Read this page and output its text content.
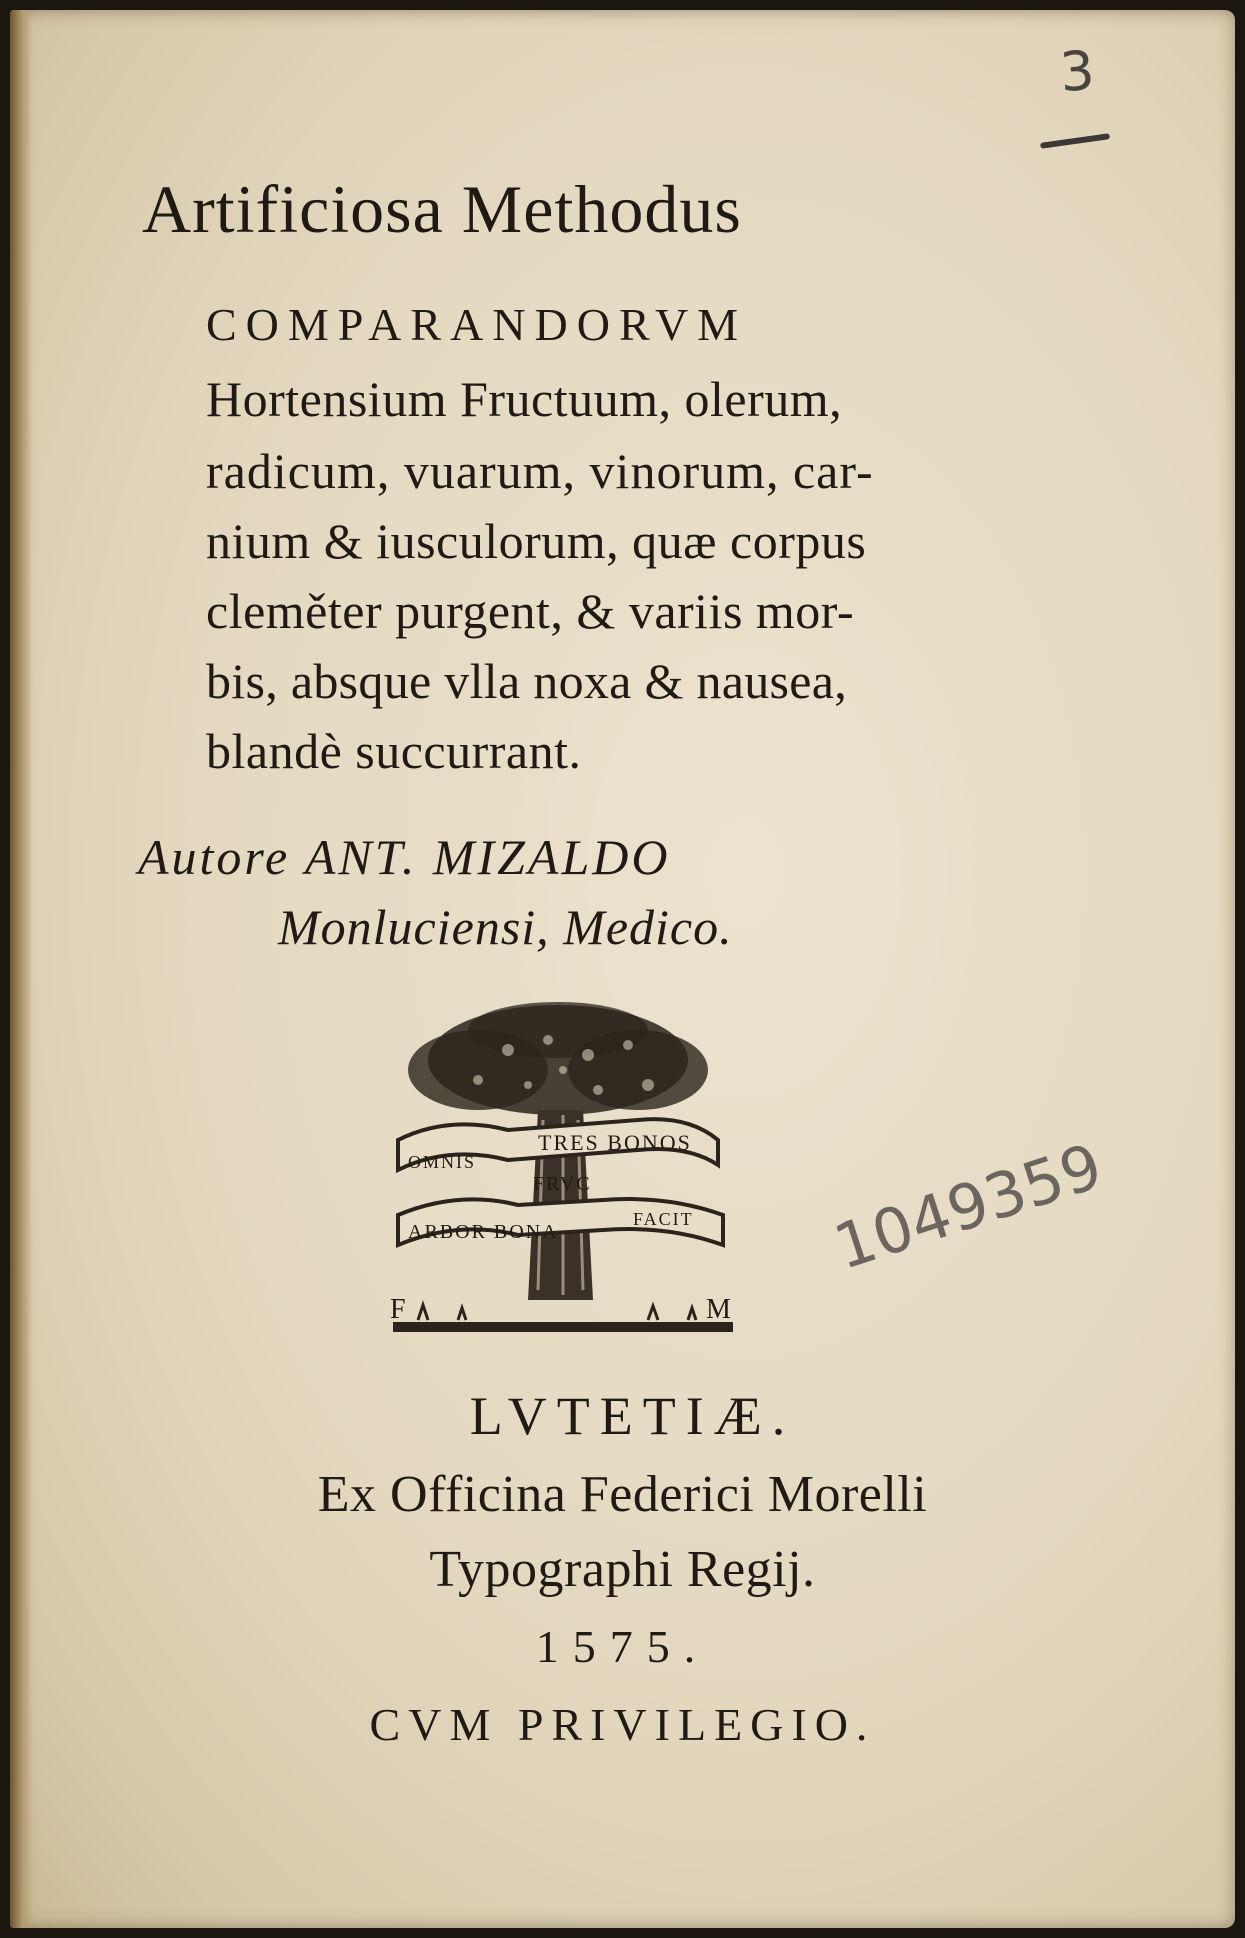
3
Artificiosa Methodus
COMPARANDORVM
Hortensium Fructuum, olerum,
radicum, vuarum, vinorum, car-
nium & iusculorum, quæ corpus
cleměter purgent, & variis mor-
bis, absque vlla noxa & nausea,
blandè succurrant.
Autore ANT. MIZALDO
Monluciensi, Medico.
TRES BONOS
OMNIS
FRVC
ARBOR BONA
FACIT
F	M
1049359
LVTETIÆ.
Ex Officina Federici Morelli
Typographi Regij.
1575.
CVM PRIVILEGIO.
